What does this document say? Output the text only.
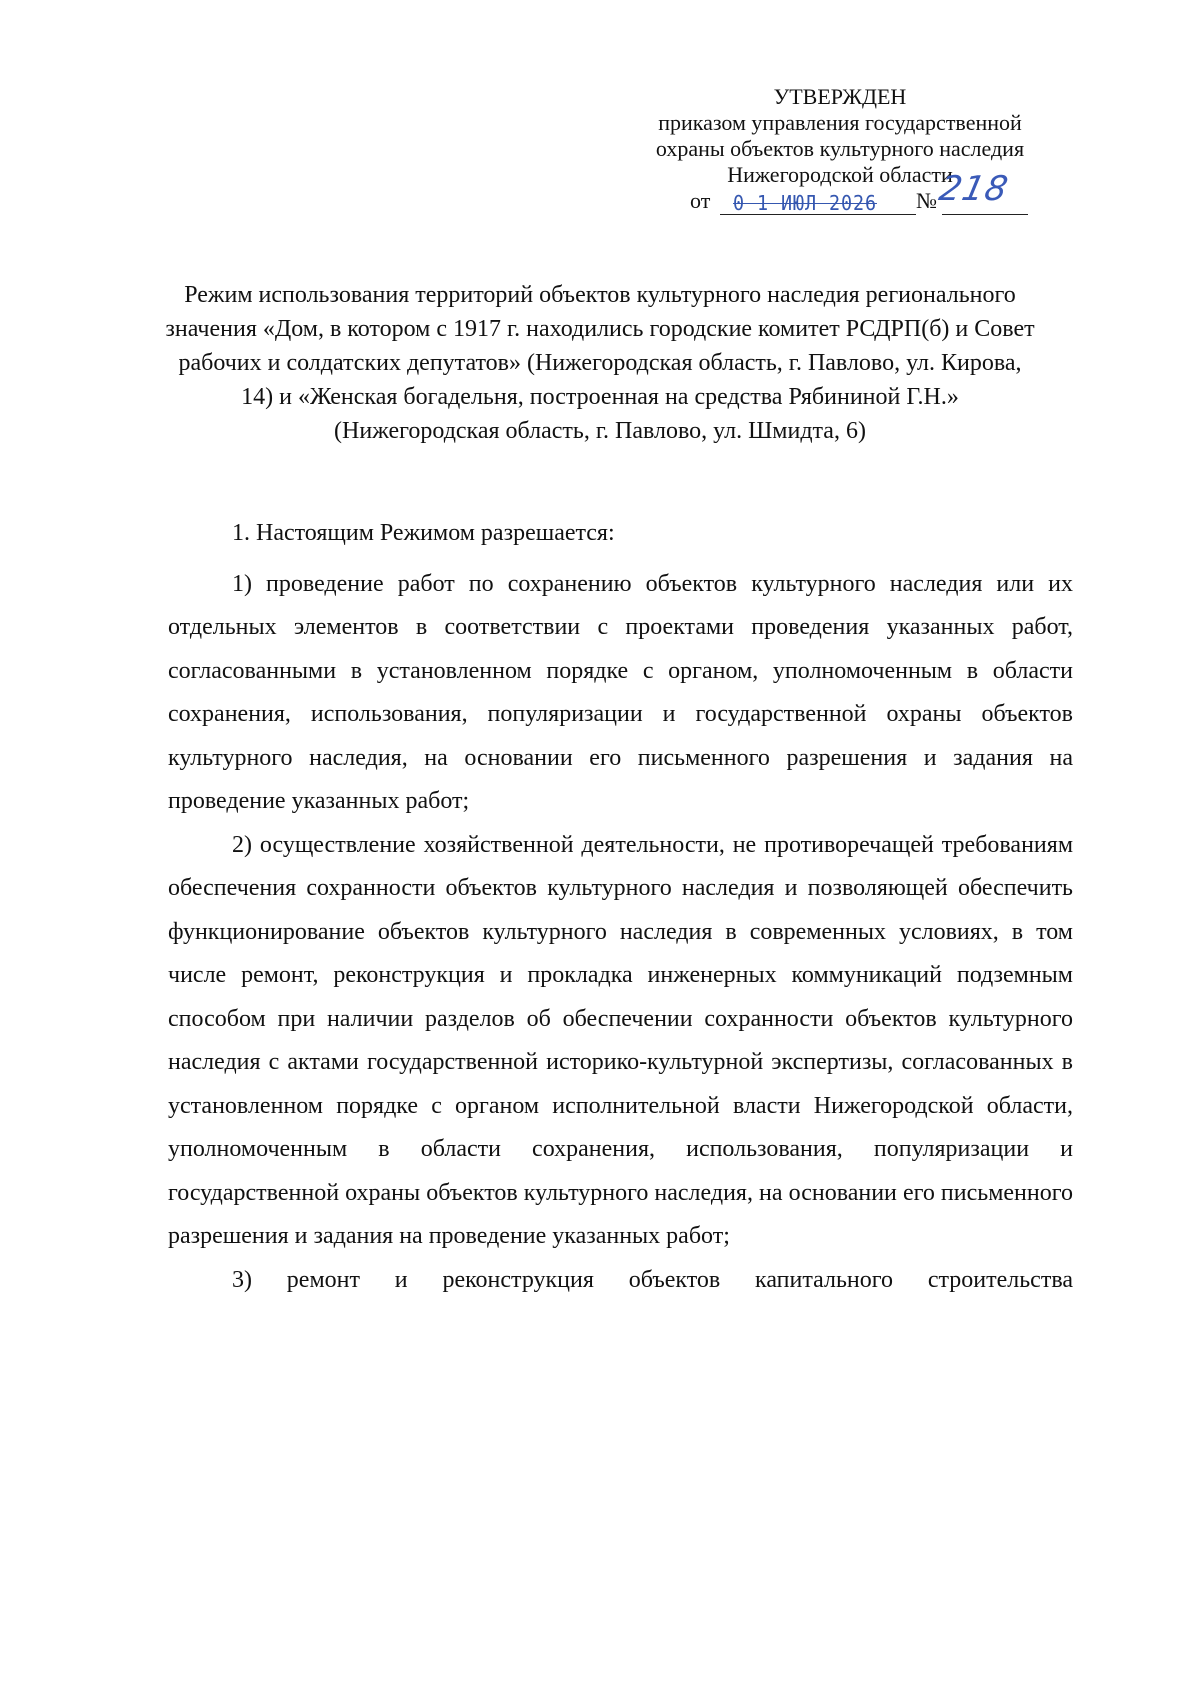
УТВЕРЖДЕН
приказом управления государственной
охраны объектов культурного наследия
Нижегородской области
от 0 1 ИЮЛ 2026 №
218
Режим использования территорий объектов культурного наследия регионального значения «Дом, в котором с 1917 г. находились городские комитет РСДРП(б) и Совет рабочих и солдатских депутатов» (Нижегородская область, г. Павлово, ул. Кирова, 14) и «Женская богадельня, построенная на средства Рябининой Г.Н.» (Нижегородская область, г. Павлово, ул. Шмидта, 6)

1. Настоящим Режимом разрешается:

1) проведение работ по сохранению объектов культурного наследия или их отдельных элементов в соответствии с проектами проведения указанных работ, согласованными в установленном порядке с органом, уполномоченным в области сохранения, использования, популяризации и государственной охраны объектов культурного наследия, на основании его письменного разрешения и задания на проведение указанных работ;

2) осуществление хозяйственной деятельности, не противоречащей требованиям обеспечения сохранности объектов культурного наследия и позволяющей обеспечить функционирование объектов культурного наследия в современных условиях, в том числе ремонт, реконструкция и прокладка инженерных коммуникаций подземным способом при наличии разделов об обеспечении сохранности объектов культурного наследия с актами государственной историко-культурной экспертизы, согласованных в установленном порядке с органом исполнительной власти Нижегородской области, уполномоченным в области сохранения, использования, популяризации и государственной охраны объектов культурного наследия, на основании его письменного разрешения и задания на проведение указанных работ;

3) ремонт и реконструкция объектов капитального строительства
